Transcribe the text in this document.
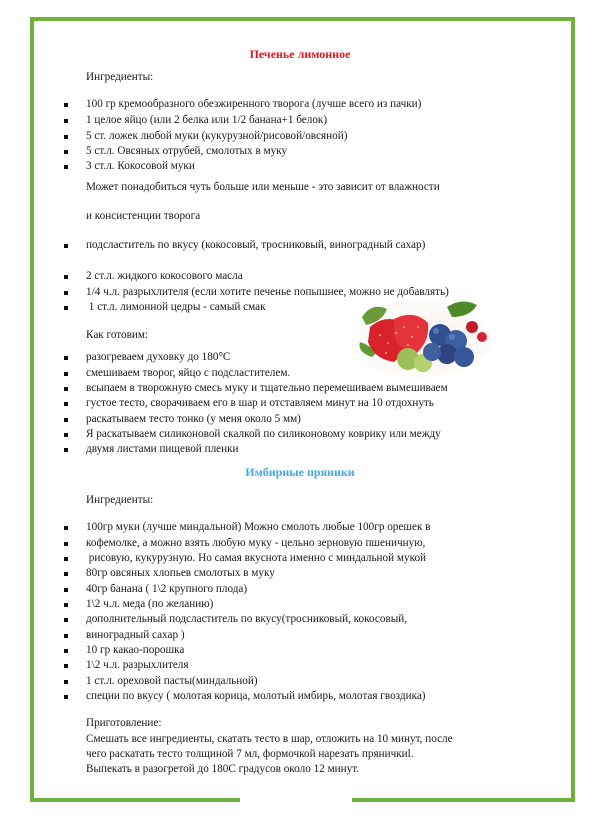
Печенье лимонное
Ингредиенты:
100 гр кремообразного обезжиренного творога (лучше всего из пачки)
1 целое яйцо (или 2 белка или 1/2 банана+1 белок)
5 ст. ложек любой муки (кукурузной/рисовой/овсяной)
5 ст.л. Овсяных отрубей, смолотых в муку
3 ст.л. Кокосовой муки
Может понадобиться чуть больше или меньше - это зависит от влажности
и консистенции творога
подсластитель по вкусу (кокосовый, тросниковый, виноградный сахар)
2 ст.л. жидкого кокосового масла
1/4 ч.л. разрыхлителя (если хотите печенье попышнее, можно не добавлять)
1 ст.л. лимонной цедры - самый смак
Как готовим:
разогреваем духовку до 180°С
смешиваем творог, яйцо с подсластителем.
всыпаем в творожную смесь муку и тщательно перемешиваем вымешиваем
густое тесто, сворачиваем его в шар и отставляем минут на 10 отдохнуть
раскатываем тесто тонко (у меня около 5 мм)
Я раскатываем силиконовой скалкой по силиконовому коврику или между
двумя листами пищевой пленки
Имбирные пряники
Ингредиенты:
100гр муки (лучше миндальной) Можно смолоть любые 100гр орешек в
кофемолке, а можно взять любую муку - цельно зерновую пшеничную,
рисовую, кукурузную. Но самая вкуснота именно с миндальной мукой
80гр овсяных хлопьев смолотых в муку
40гр банана ( 1\2 крупного плода)
1\2 ч.л. меда (по желанию)
дополнительный подсластитель по вкусу(тросниковый, кокосовый,
виноградный сахар )
10 гр какао-порошка
1\2 ч.л. разрыхлителя
1 ст.л. ореховой пасты(миндальной)
специи по вкусу ( молотая корица, молотый имбирь, молотая гвоздика)
Приготовление:
Смешать все ингредиенты, скатать тесто в шар, отложить на 10 минут, после
чего раскатать тесто толщиной 7 мл, формочкой нарезать пряничкиl.
Выпекать в разогретой до 180С градусов около 12 минут.
